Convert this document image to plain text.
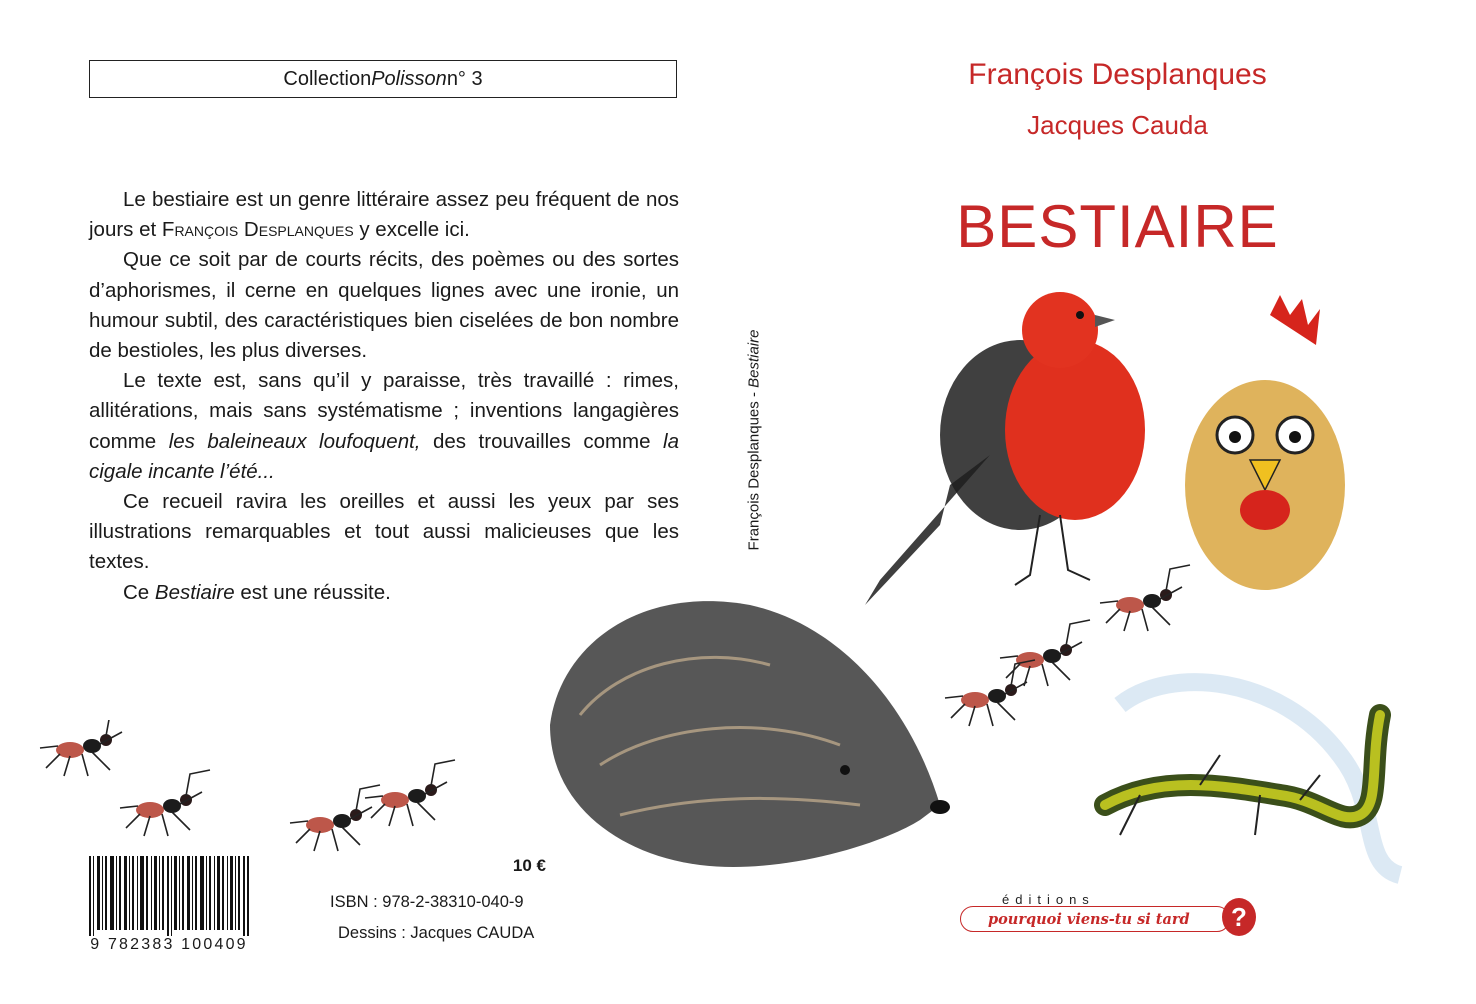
Collection Polisson n° 3

Le bestiaire est un genre littéraire assez peu fréquent de nos jours et François Desplanques y excelle ici.

Que ce soit par de courts récits, des poèmes ou des sortes d’aphorismes, il cerne en quelques lignes avec une ironie, un humour subtil, des caractéristiques bien ciselées de bon nombre de bestioles, les plus diverses.

Le texte est, sans qu’il y paraisse, très travaillé : rimes, allitérations, mais sans systématisme ; inventions langagières comme les baleineaux loufoquent, des trouvailles comme la cigale incante l’été...

Ce recueil ravira les oreilles et aussi les yeux par ses illustrations remarquables et tout aussi malicieuses que les textes.

Ce Bestiaire est une réussite.

9 782383 100409
10 €
ISBN : 978-2-38310-040-9
Dessins : Jacques CAUDA
François Desplanques - Bestiaire
François Desplanques
Jacques Cauda
BESTIAIRE
éditions
pourquoi viens-tu si tard	?
